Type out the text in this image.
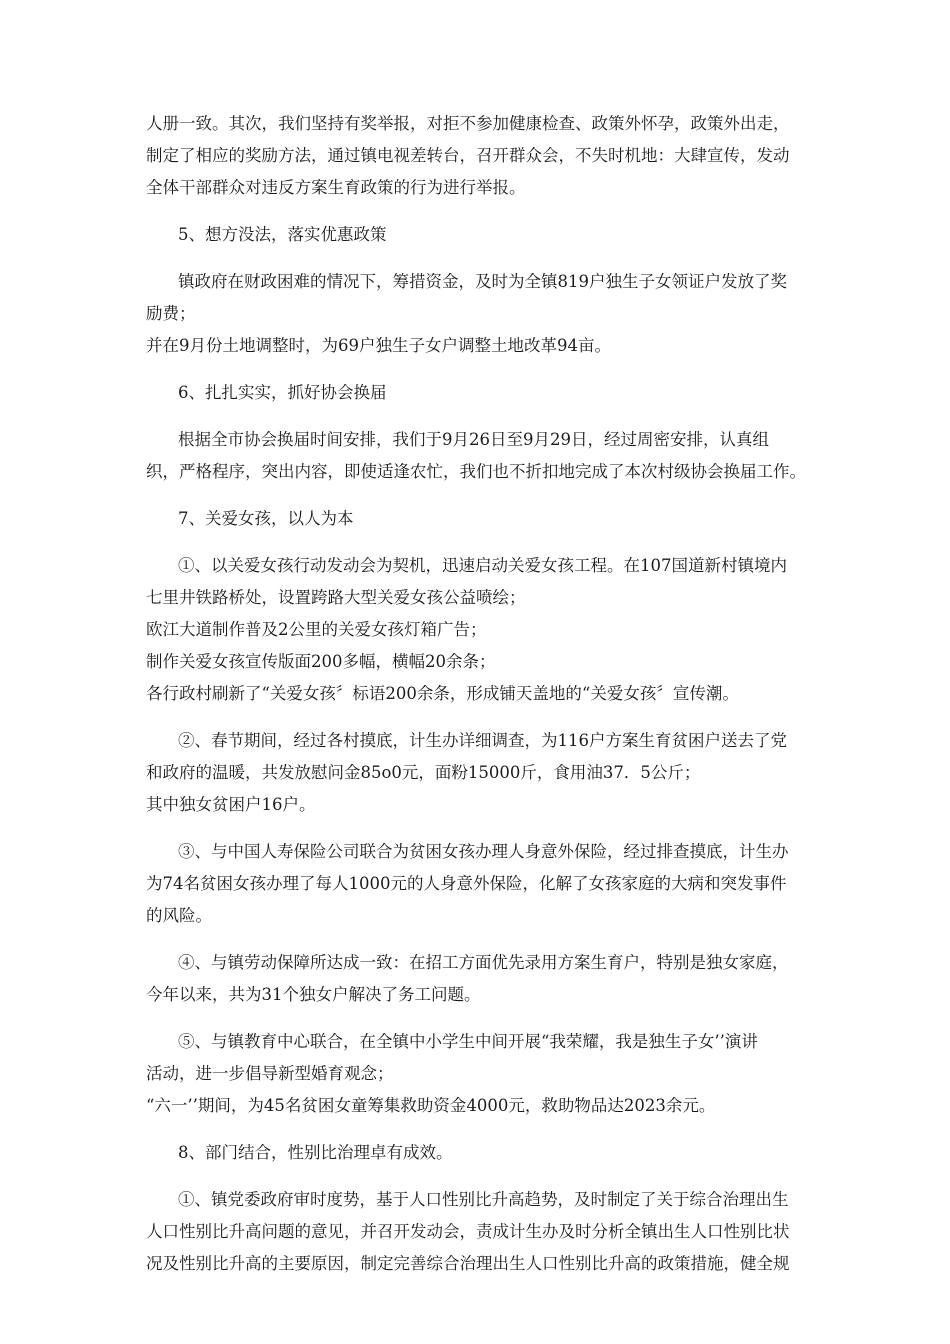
人册一致。其次，我们坚持有奖举报，对拒不参加健康检查、政策外怀孕，政策外出走，
制定了相应的奖励方法，通过镇电视差转台，召开群众会，不失时机地：大肆宣传，发动
全体干部群众对违反方案生育政策的行为进行举报。
5、想方没法，落实优惠政策
镇政府在财政困难的情况下，筹措资金，及时为全镇819户独生子女领证户发放了奖
励费；
并在9月份土地调整时，为69户独生子女户调整土地改革94亩。
6、扎扎实实，抓好协会换届
根据全市协会换届时间安排，我们于9月26日至9月29日，经过周密安排，认真组
织，严格程序，突出内容，即使适逢农忙，我们也不折扣地完成了本次村级协会换届工作。
7、关爱女孩，以人为本
①、以关爱女孩行动发动会为契机，迅速启动关爱女孩工程。在107国道新村镇境内
七里井铁路桥处，设置跨路大型关爱女孩公益喷绘；
欧江大道制作普及2公里的关爱女孩灯箱广告；
制作关爱女孩宣传版面200多幅，横幅20余条；
各行政村刷新了“关爱女孩〞标语200余条，形成铺天盖地的“关爱女孩〞宣传潮。
②、春节期间，经过各村摸底，计生办详细调查，为116户方案生育贫困户送去了党
和政府的温暖，共发放慰问金85o0元，面粉15000斤，食用油37．5公斤；
其中独女贫困户16户。
③、与中国人寿保险公司联合为贫困女孩办理人身意外保险，经过排查摸底，计生办
为74名贫困女孩办理了每人1000元的人身意外保险，化解了女孩家庭的大病和突发事件
的风险。
④、与镇劳动保障所达成一致：在招工方面优先录用方案生育户，特别是独女家庭，
今年以来，共为31个独女户解决了务工问题。
⑤、与镇教育中心联合，在全镇中小学生中间开展“我荣耀，我是独生子女’’演讲
活动，进一步倡导新型婚育观念；
“六一’’期间，为45名贫困女童筹集救助资金4000元，救助物品达2023余元。
8、部门结合，性别比治理卓有成效。
①、镇党委政府审时度势，基于人口性别比升高趋势，及时制定了关于综合治理出生
人口性别比升高问题的意见，并召开发动会，责成计生办及时分析全镇出生人口性别比状
况及性别比升高的主要原因，制定完善综合治理出生人口性别比升高的政策措施，健全规
